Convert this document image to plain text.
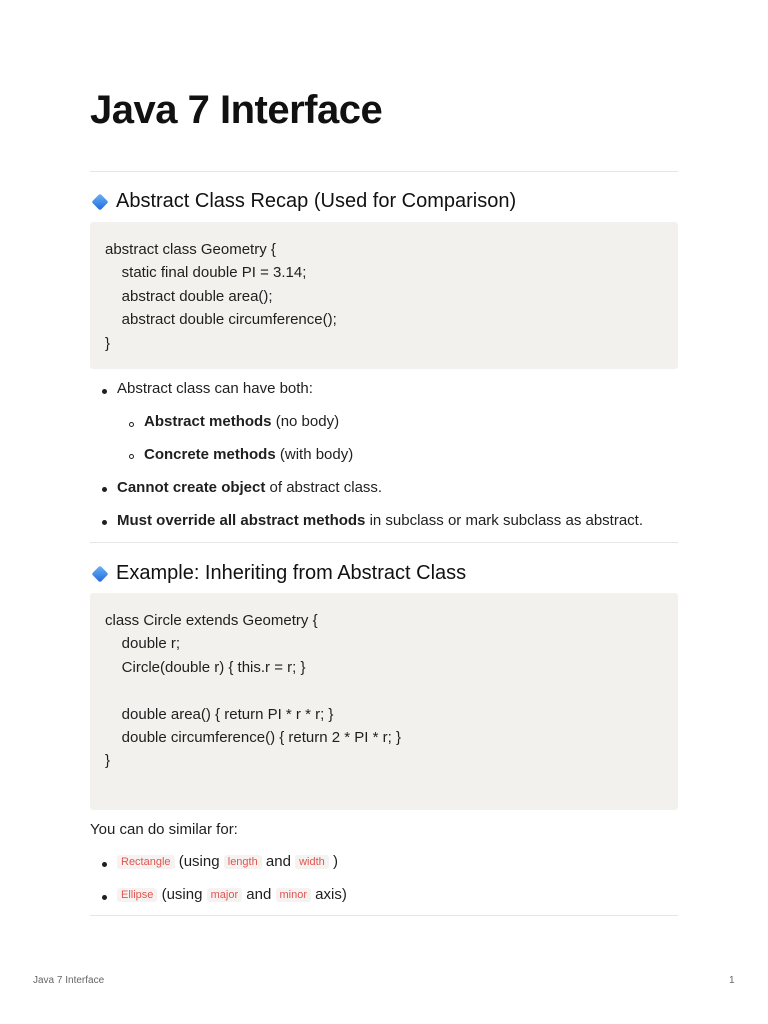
Java 7 Interface
Abstract Class Recap (Used for Comparison)
abstract class Geometry {
static final double PI = 3.14;
abstract double area();
abstract double circumference();
}
Abstract class can have both:
Abstract methods (no body)
Concrete methods (with body)
Cannot create object of abstract class.
Must override all abstract methods in subclass or mark subclass as abstract.
Example: Inheriting from Abstract Class
class Circle extends Geometry {
double r;
Circle(double r) { this.r = r; }

double area() { return PI * r * r; }
double circumference() { return 2 * PI * r; }
}

You can do similar for:

Rectangle (using length and width )
Ellipse (using major and minor axis)
Java 7 Interface	1
